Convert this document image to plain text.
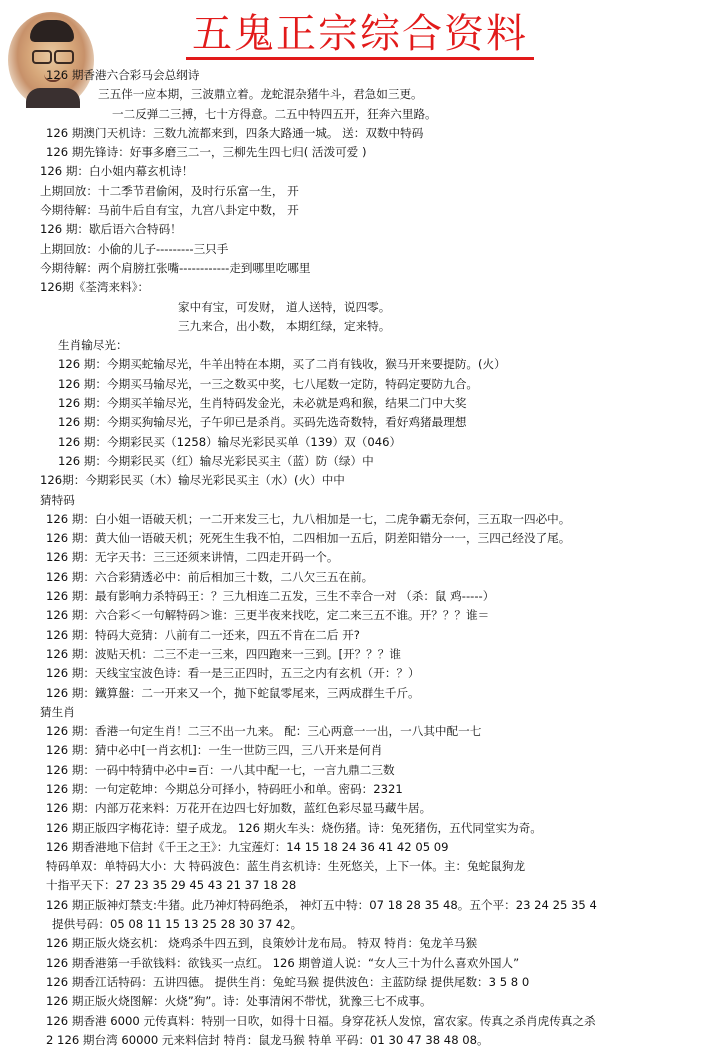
五鬼正宗综合资料
126 期香港六合彩马会总纲诗
三五伴一应本期，三波鼎立着。龙蛇混杂猪牛斗，君急如三更。
一二反弹二三搏，七十方得意。二五中特四五开，狂奔六里路。
126 期澳门天机诗：三数九流都来到，四条大路通一城。 送：双数中特码
126 期先锋诗：好事多磨三二一，三柳先生四七归( 活泼可爱 )
126 期：白小姐内幕玄机诗！
上期回放：十二季节君偷闲，及时行乐富一生， 开
今期待解：马前牛后自有宝，九宫八卦定中数， 开
126 期：歇后语六合特码！
上期回放：小偷的儿子---------三只手
今期待解：两个肩膀扛张嘴------------走到哪里吃哪里
126期《荃湾来料》：
家中有宝，可发财， 道人送特，说四零。
三九来合，出小数， 本期红绿，定来特。
生肖输尽光：
126 期：今期买蛇输尽光，牛羊出特在本期，买了二肖有钱收，猴马开来要提防。(火）
126 期：今期买马输尽光，一三之数买中奖，七八尾数一定防，特码定要防九合。
126 期：今期买羊输尽光，生肖特码发金光，未必就是鸡和猴，结果二门中大奖
126 期：今期买狗输尽光，子午卯已是杀肖。买码先选奇数特，看好鸡猪最理想
126 期：今期彩民买（1258）输尽光彩民买单（139）双（046）
126 期：今期彩民买（红）输尽光彩民买主（蓝）防（绿）中
126期：今期彩民买（木）输尽光彩民买主（水）(火）中中
猜特码
126 期：白小姐一语破天机；一二开来发三七，九八相加是一七，二虎争霸无奈何，三五取一四必中。
126 期：黄大仙一语破天机；死死生生我不怕，二四相加一五后，阴差阳错分一一，三四己经没了尾。
126 期：无字天书：三三还须来讲情，二四走开码一个。
126 期：六合彩猜透必中：前后相加三十数，二八欠三五在前。
126 期：最有影响力杀特码王：？三九相连二五发，三生不幸合一对 （杀：鼠 鸡-----）
126 期：六合彩＜一句解特码＞谁：三更半夜来找吃，定二来三五不谁。开？？？谁＝
126 期：特码大竞猜：八前有二一还来，四五不肯在二后 开?
126 期：波贴天机：二三不走一三来，四四跑来一三到。[开？？？谁
126 期：天线宝宝波色诗：看一是三正四时，五三之内有玄机（开：？）
126 期：鐵算盤：二一开来又一个，抛下蛇鼠零尾来，三两成群生千斤。
猜生肖
126 期：香港一句定生肖！二三不出一九来。 配：三心两意一一出，一八其中配一七
126 期：猜中必中[一肖玄机]：一生一世防三四，三八开来是何肖
126 期：一码中特猜中必中=百：一八其中配一七，一言九鼎二三数
126 期：一句定乾坤：今期总分可择小，特码旺小和单。密码：2321
126 期：内部万花来料：万花开在边四七好加数，蓝红色彩尽显马藏牛居。
126 期正版四字梅花诗：望子成龙。 126 期火车头：烧伤猪。诗：兔死猪伤，五代同堂实为奇。
126 期香港地下信封《千王之王》：九宝莲灯：14 15 18 24 36 41 42 05 09
特码单双：单特码大小：大 特码波色：蓝生肖玄机诗：生死悠关，上下一体。主：兔蛇鼠狗龙
十指平天下：27 23 35 29 45 43 21 37 18 28
126 期正版神灯禁支:牛猪。此乃神灯特码绝杀， 神灯五中特：07 18 28 35 48。五个平：23 24 25 35 4
提供号码：05 08 11 15 13 25 28 30 37 42。
126 期正版火烧玄机： 烧鸡杀牛四五到，良策妙计龙布局。 特双 特肖：兔龙羊马猴
126 期香港第一手欲钱料：欲钱买一点红。 126 期曾道人说：“女人三十为什么喜欢外国人”
126 期香江话特码：五讲四德。 提供生肖：兔蛇马猴 提供波色：主蓝防绿 提供尾数：3 5 8 0
126 期正版火烧图解：火烧”狗”。诗：处事清闲不带忧，犹豫三七不成事。
126 期香港 6000 元传真料：特别一日吹，如得十日福。身穿花袄人发惊，富农家。传真之杀肖虎传真之杀
2 126 期台湾 60000 元来料信封 特肖：鼠龙马猴 特单 平码：01 30 47 38 48 08。
